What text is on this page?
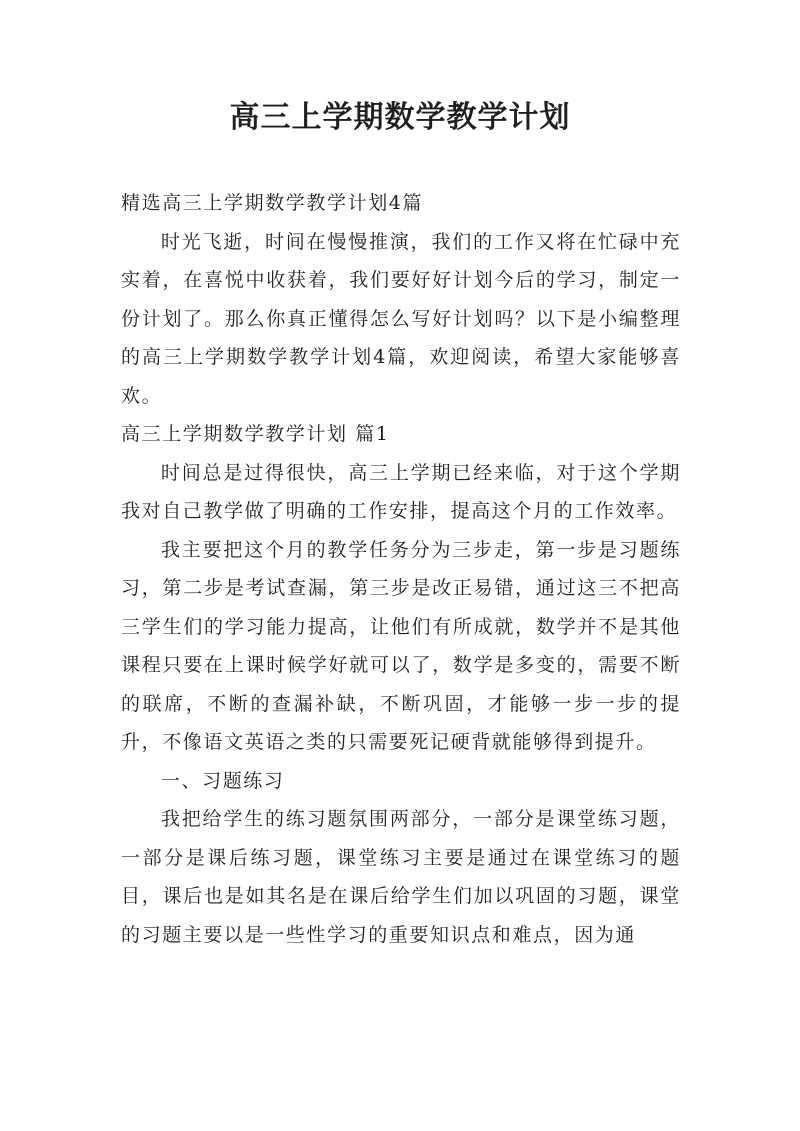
高三上学期数学教学计划

精选高三上学期数学教学计划4篇

时光飞逝，时间在慢慢推演，我们的工作又将在忙碌中充实着，在喜悦中收获着，我们要好好计划今后的学习，制定一份计划了。那么你真正懂得怎么写好计划吗？以下是小编整理的高三上学期数学教学计划4篇，欢迎阅读，希望大家能够喜欢。

高三上学期数学教学计划 篇1

时间总是过得很快，高三上学期已经来临，对于这个学期我对自己教学做了明确的工作安排，提高这个月的工作效率。

我主要把这个月的教学任务分为三步走，第一步是习题练习，第二步是考试查漏，第三步是改正易错，通过这三不把高三学生们的学习能力提高，让他们有所成就，数学并不是其他课程只要在上课时候学好就可以了，数学是多变的，需要不断的联席，不断的查漏补缺，不断巩固，才能够一步一步的提升，不像语文英语之类的只需要死记硬背就能够得到提升。

一、习题练习

我把给学生的练习题氛围两部分，一部分是课堂练习题，一部分是课后练习题，课堂练习主要是通过在课堂练习的题目，课后也是如其名是在课后给学生们加以巩固的习题，课堂的习题主要以是一些性学习的重要知识点和难点，因为通
